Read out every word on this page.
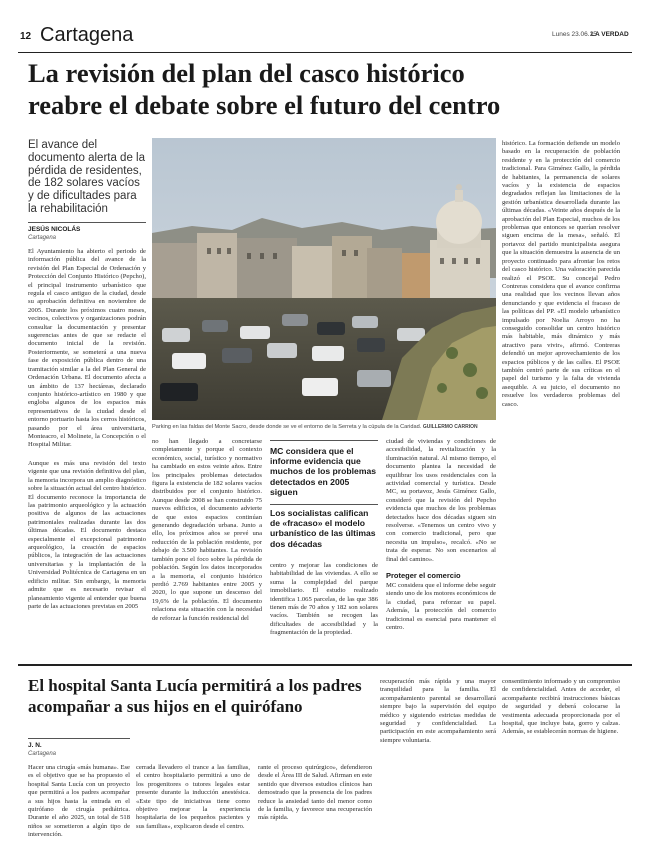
12 Cartagena	Lunes 23.06.25
LA VERDAD
La revisión del plan del casco histórico
reabre el debate sobre el futuro del centro
El avance del documento alerta de la pérdida de residentes, de 182 solares vacíos y de dificultades para la rehabilitación
JESÚS NICOLÁS
Cartagena
El Ayuntamiento ha abierto el periodo de información pública del avance de la revisión del Plan Especial de Ordenación y Protección del Conjunto Histórico (Pepcho), el principal instrumento urbanístico que regula el casco antiguo de la ciudad, desde su aprobación definitiva en noviembre de 2005. Durante los próximos cuatro meses, vecinos, colectivos y organizaciones podrán consultar la documentación y presentar sugerencias antes de que se redacte el documento inicial de la revisión. Posteriormente, se someterá a una nueva fase de exposición pública dentro de una tramitación similar a la del Plan General de Ordenación Urbana. El documento afecta a un ámbito de 137 hectáreas, declarado conjunto histórico-artístico en 1980 y que engloba algunos de los espacios más representativos de la ciudad desde el entorno portuario hasta los cerros históricos, pasando por el área universitaria, Monteacro, el Molinete, la Concepción o el Hospital Militar.
Aunque es más una revisión del texto vigente que una revisión definitiva del plan, la memoria incorpora un amplio diagnóstico sobre la situación actual del centro histórico. El documento reconoce la importancia de las patrimonio arqueológico y la actuación positiva de algunos de las actuaciones patrimoniales realizadas durante las dos últimas décadas. El documento destaca especialmente el excepcional patrimonio arqueológico, la creación de espacios públicos, la integración de las actuaciones universitarias y la implantación de la Universidad Politécnica de Cartagena en un edificio militar. Sin embargo, la memoria admite que es necesario revisar el planeamiento vigente al entender que buena parte de las actuaciones previstas en 2005
Parking en las faldas del Monte Sacro, desde donde se ve el entorno de la Serreta y la cúpula de la Caridad. GUILLERMO CARRIÓN
histórico. La formación defiende un modelo basado en la recuperación de población residente y en la protección del comercio tradicional. Para Giménez Gallo, la pérdida de habitantes, la permanencia de solares vacíos y la existencia de espacios degradados reflejan las limitaciones de la gestión urbanística desarrollada durante las últimas décadas. «Veinte años después de la aprobación del Plan Especial, muchos de los problemas que entonces se querían resolver siguen encima de la mesa», señaló. El portavoz del partido municipalista asegura que la situación demuestra la ausencia de un proyecto continuado para afrontar los retos del casco histórico. Una valoración parecida realizó el PSOE. Su concejal Pedro Contreras considera que el avance confirma una realidad que los vecinos llevan años denunciando y que evidencia el fracaso de las políticas del PP. «El modelo urbanístico impulsado por Noelia Arroyo no ha conseguido consolidar un centro histórico más habitable, más dinámico y más atractivo para vivir», afirmó. Contreras defendió un mejor aprovechamiento de los espacios públicos y de las calles. El PSOE también centró parte de sus críticas en el papel del turismo y la falta de vivienda asequible. A su juicio, el documento no resuelve los verdaderos problemas del casco.
no han llegado a concretarse completamente y porque el contexto económico, social, turístico y normativo ha cambiado en estos veinte años. Entre los principales problemas detectados figura la existencia de 182 solares vacíos distribuidos por el conjunto histórico. Aunque desde 2008 se han construido 75 nuevos edificios, el documento advierte de que estos espacios continúan generando degradación urbana. Junto a ello, los próximos años se prevé una reducción de la población residente, por debajo de 3.500 habitantes. La revisión también pone el foco sobre la pérdida de población. Según los datos incorporados a la memoria, el conjunto histórico perdió 2.769 habitantes entre 2005 y 2020, lo que supone un descenso del 19,6% de la población. El documento relaciona esta situación con la necesidad de reforzar la función residencial del
MC considera que el informe evidencia que muchos de los problemas detectados en 2005 siguen
Los socialistas califican de «fracaso» el modelo urbanístico de las últimas dos décadas
centro y mejorar las condiciones de habitabilidad de las viviendas. A ello se suma la complejidad del parque inmobiliario. El estudio realizado identifica 1.065 parcelas, de las que 386 tienen más de 70 años y 182 son solares vacíos. También se recogen las dificultades de accesibilidad y la fragmentación de la propiedad.
ciudad de viviendas y condiciones de accesibilidad, la revitalización y la iluminación natural. Al mismo tiempo, el documento plantea la necesidad de equilibrar los usos residenciales con la actividad comercial y turística. Desde MC, su portavoz, Jesús Giménez Gallo, consideró que la revisión del Pepcho evidencia que muchos de los problemas detectados hace dos décadas siguen sin resolverse. «Tenemos un centro vivo y con comercio tradicional, pero que necesita un impulso», recalcó. «No se trata de esperar. No son escenarios al final del camino».
Proteger el comercio
MC considera que el informe debe seguir siendo uno de los motores económicos de la ciudad, para reforzar su papel. Además, la protección del comercio tradicional es esencial para mantener el centro.
El hospital Santa Lucía permitirá a los padres
acompañar a sus hijos en el quirófano
J. N.
Cartagena
Hacer una cirugía «más humana». Ese es el objetivo que se ha propuesto el hospital Santa Lucía con un proyecto que permitirá a los padres acompañar a sus hijos hasta la entrada en el quirófano de cirugía pediátrica. Durante el año 2025, un total de 518 niños se sometieron a algún tipo de intervención.
cerrada llevadero el trance a las familias, el centro hospitalario permitirá a uno de los progenitores o tutores legales estar presente durante la inducción anestésica. «Este tipo de iniciativas tiene como objetivo mejorar la experiencia hospitalaria de los pequeños pacientes y sus familias», explicaron desde el centro.
rante el proceso quirúrgico», defendieron desde el Área III de Salud. Afirman en este sentido que diversos estudios clínicos han demostrado que la presencia de los padres reduce la ansiedad tanto del menor como de la familia, y favorece una recuperación más rápida.
recuperación más rápida y una mayor tranquilidad para la familia. El acompañamiento parental se desarrollará siempre bajo la supervisión del equipo médico y siguiendo estrictas medidas de seguridad y confidencialidad. La participación en este acompañamiento será siempre voluntaria.
consentimiento informado y un compromiso de confidencialidad. Antes de acceder, el acompañante recibirá instrucciones básicas de seguridad y deberá colocarse la vestimenta adecuada proporcionada por el hospital, que incluye bata, gorro y calzas. Además, se establecerán normas de higiene.
